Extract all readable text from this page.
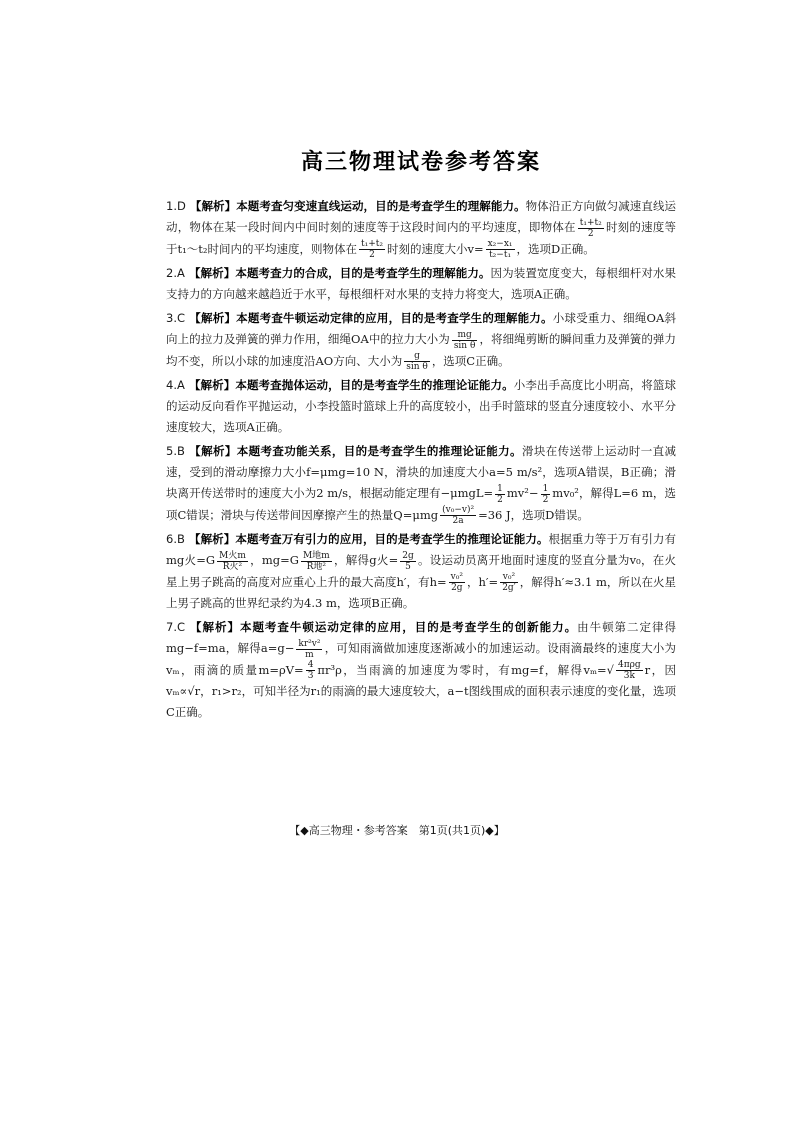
高三物理试卷参考答案

1.D 【解析】本题考查匀变速直线运动，目的是考查学生的理解能力。物体沿正方向做匀减速直线运动，物体在某一段时间内中间时刻的速度等于这段时间内的平均速度，即物体在 $\frac{\text{t₁+t₂}}{2}$ 时刻的速度等于t₁～t₂时间内的平均速度，则物体在 $\frac{\text{t₁+t₂}}{2}$ 时刻的速度大小$v= \frac{\text{x₂−x₁}}{\text{t₂−t₁}}$ ，选项D正确。

2.A 【解析】本题考查力的合成，目的是考查学生的理解能力。因为装置宽度变大，每根细杆对水果支持力的方向越来越趋近于水平，每根细杆对水果的支持力将变大，选项A正确。

3.C 【解析】本题考查牛顿运动定律的应用，目的是考查学生的理解能力。小球受重力、细绳OA斜向上的拉力及弹簧的弹力作用，细绳OA中的拉力大小为 $\frac{mg}{\text{sin θ}}$ ，将细绳剪断的瞬间重力及弹簧的弹力均不变，所以小球的加速度沿AO方向、大小为 $\frac{g}{\text{sin θ}}$ ，选项C正确。

4.A 【解析】本题考查抛体运动，目的是考查学生的推理论证能力。小李出手高度比小明高，将篮球的运动反向看作平抛运动，小李投篮时篮球上升的高度较小，出手时篮球的竖直分速度较小、水平分速度较大，选项A正确。

5.B 【解析】本题考查功能关系，目的是考查学生的推理论证能力。滑块在传送带上运动时一直减速，受到的滑动摩擦力大小f=μmg=10 N，滑块的加速度大小a=5 m/s²，选项A错误，B正确；滑块离开传送带时的速度大小为2 m/s，根据动能定理有$-\mu mgL= \frac{1}{2} mv^2- \frac{1}{2} mv_0^2$，解得L=6 m，选项C错误；滑块与传送带间因摩擦产生的热量$Q=\mu mg \frac{\text{(v₀−v)²}}{2a} =36$ J，选项D错误。

6.B 【解析】本题考查万有引力的应用，目的是考查学生的推理论证能力。根据重力等于万有引力有mg火$=G \frac{\text{M火m}}{\text{R火²}}$ ，$mg=G \frac{\text{M地m}}{\text{R地²}}$ ，解得g火= $\frac{2g}{5}$ 。设运动员离开地面时速度的竖直分量为v₀，在火星上男子跳高的高度对应重心上升的最大高度h′，有$h= \frac{\text{v₀²}}{2g}$ ，$h'= \frac{\text{v₀²}}{2g'}$ ，解得h′≈3.1 m，所以在火星上男子跳高的世界纪录约为4.3 m，选项B正确。

7.C 【解析】本题考查牛顿运动定律的应用，目的是考查学生的创新能力。由牛顿第二定律得mg−f=ma，解得$a=g- \frac{\text{kr²v²}}{m}$ ，可知雨滴做加速度逐渐减小的加速运动。设雨滴最终的速度大小为vₘ，雨滴的质量$m=\rho V= \frac{4}{3} \pi r^3\rho$，当雨滴的加速度为零时，有mg=f，解得$v_m=√ \frac{\text{4πρg}}{3k}$ r，因vₘ∝√r，r₁>r₂，可知半径为r₁的雨滴的最大速度较大，a−t图线围成的面积表示速度的变化量，选项C正确。

【◆高三物理・参考答案　第1页(共1页)◆】
